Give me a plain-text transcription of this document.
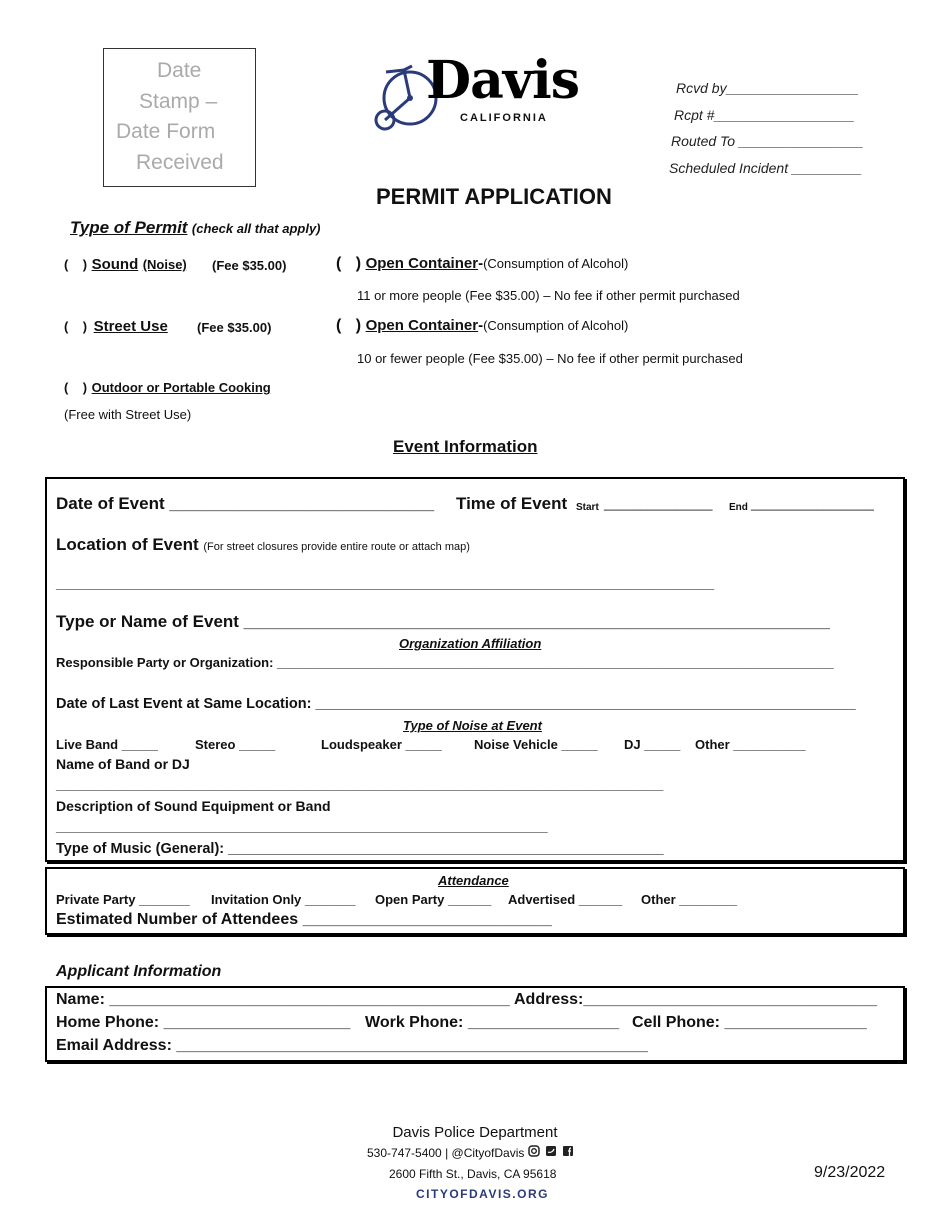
Date
Stamp –
Date Form
Received
Davis
CALIFORNIA
Rcvd by_________________
Rcpt #__________________
Routed To ________________
Scheduled Incident _________
PERMIT APPLICATION
Type of Permit (check all that apply)
( ) Sound (Noise) (Fee $35.00)
( ) Street Use (Fee $35.00)
( ) Outdoor or Portable Cooking
(Free with Street Use)
( ) Open Container-(Consumption of Alcohol)
11 or more people (Fee $35.00) – No fee if other permit purchased
( ) Open Container-(Consumption of Alcohol)
10 or fewer people (Fee $35.00) – No fee if other permit purchased
Event Information
Date of Event ____________________________ Time of Event Start _______________ End _________________
Location of Event (For street closures provide entire route or attach map)
____________________________________________________________________________________
Type or Name of Event ______________________________________________________________
Organization Affiliation
Responsible Party or Organization: _____________________________________________________________________________
Date of Last Event at Same Location: ___________________________________________________________________
Type of Noise at Event
Live Band _____	Stereo _____	Loudspeaker _____ Noise Vehicle _____ DJ _____ Other __________
Name of Band or DJ
____________________________________________________________________________________
Description of Sound Equipment or Band
____________________________________________________________________
Type of Music (General): ______________________________________________________
Attendance
Private Party _______ Invitation Only _______ Open Party ______ Advertised ______ Other ________
Estimated Number of Attendees ____________________________
Applicant Information
Name: _____________________________________________ Address:_________________________________
Home Phone: _____________________ Work Phone: _________________ Cell Phone: ________________
Email Address: _____________________________________________________
Davis Police Department
530-747-5400 | @CityofDavis
2600 Fifth St., Davis, CA 95618
CITYOFDAVIS.ORG
9/23/2022
